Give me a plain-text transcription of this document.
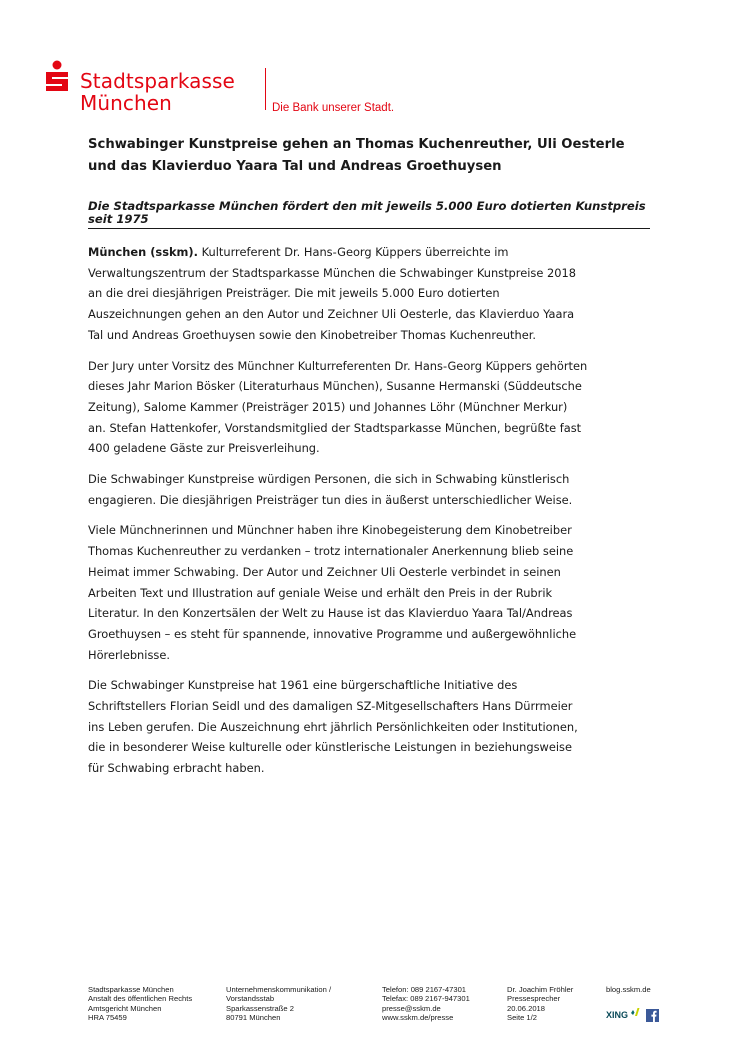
Stadtsparkasse
München	Die Bank unserer Stadt.
Schwabinger Kunstpreise gehen an Thomas Kuchenreuther, Uli Oesterle und das Klavierduo Yaara Tal und Andreas Groethuysen
Die Stadtsparkasse München fördert den mit jeweils 5.000 Euro dotierten Kunstpreis seit 1975

München (sskm). Kulturreferent Dr. Hans-Georg Küppers überreichte im Verwaltungszentrum der Stadtsparkasse München die Schwabinger Kunstpreise 2018 an die drei diesjährigen Preisträger. Die mit jeweils 5.000 Euro dotierten Auszeichnungen gehen an den Autor und Zeichner Uli Oesterle, das Klavierduo Yaara Tal und Andreas Groethuysen sowie den Kinobetreiber Thomas Kuchenreuther.

Der Jury unter Vorsitz des Münchner Kulturreferenten Dr. Hans-Georg Küppers gehörten dieses Jahr Marion Bösker (Literaturhaus München), Susanne Hermanski (Süddeutsche Zeitung), Salome Kammer (Preisträger 2015) und Johannes Löhr (Münchner Merkur) an. Stefan Hattenkofer, Vorstandsmitglied der Stadtsparkasse München, begrüßte fast 400 geladene Gäste zur Preisverleihung.

Die Schwabinger Kunstpreise würdigen Personen, die sich in Schwabing künstlerisch engagieren. Die diesjährigen Preisträger tun dies in äußerst unterschiedlicher Weise.

Viele Münchnerinnen und Münchner haben ihre Kinobegeisterung dem Kinobetreiber Thomas Kuchenreuther zu verdanken – trotz internationaler Anerkennung blieb seine Heimat immer Schwabing. Der Autor und Zeichner Uli Oesterle verbindet in seinen Arbeiten Text und Illustration auf geniale Weise und erhält den Preis in der Rubrik Literatur. In den Konzertsälen der Welt zu Hause ist das Klavierduo Yaara Tal/Andreas Groethuysen – es steht für spannende, innovative Programme und außergewöhnliche Hörerlebnisse.

Die Schwabinger Kunstpreise hat 1961 eine bürgerschaftliche Initiative des Schriftstellers Florian Seidl und des damaligen SZ-Mitgesellschafters Hans Dürrmeier ins Leben gerufen. Die Auszeichnung ehrt jährlich Persönlichkeiten oder Institutionen, die in besonderer Weise kulturelle oder künstlerische Leistungen in beziehungsweise für Schwabing erbracht haben.

Stadtsparkasse München
Anstalt des öffentlichen Rechts
Amtsgericht München
HRA 75459
Unternehmenskommunikation /
Vorstandsstab
Sparkassenstraße 2
80791 München
Telefon: 089 2167-47301
Telefax: 089 2167-947301
presse@sskm.de
www.sskm.de/presse
Dr. Joachim Fröhler
Pressesprecher
20.06.2018
Seite 1/2
blog.sskm.de
XING
